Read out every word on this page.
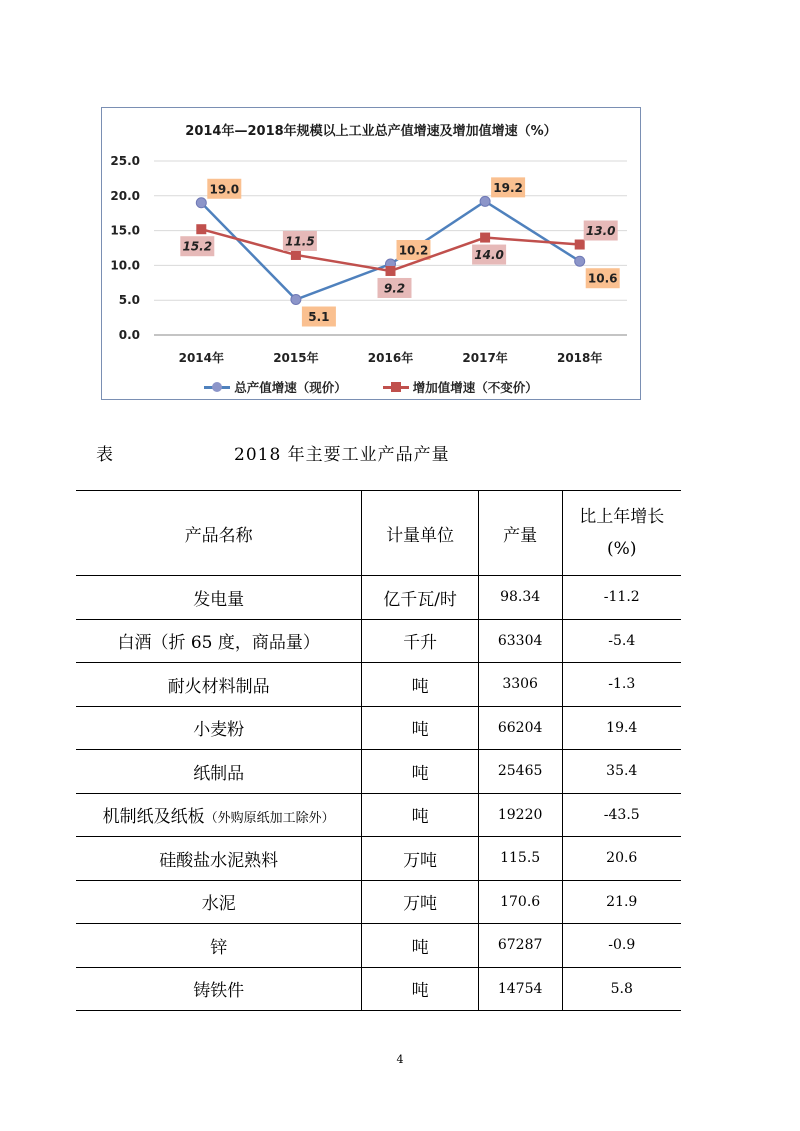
2014年—2018年规模以上工业总产值增速及增加值增速（%）
0.0
5.0
10.0
15.0
20.0
25.0
2014年	2015年	2016年	2017年	2018年
19.0
5.1
10.2
19.2
10.6
15.2	11.5
9.2
14.0
13.0
总产值增速（现价）	增加值增速（不变价）
表	2018 年主要工业产品产量
产品名称	计量单位	产量	比上年增长
(%)

发电量	亿千瓦/时	98.34	-11.2
白酒（折 65 度，商品量）	千升	63304	-5.4
耐火材料制品	吨	3306	-1.3
小麦粉	吨	66204	19.4
纸制品	吨	25465	35.4
机制纸及纸板（外购原纸加工除外）	吨	19220	-43.5
硅酸盐水泥熟料	万吨	115.5	20.6
水泥	万吨	170.6	21.9
锌	吨	67287	-0.9
铸铁件	吨	14754	5.8
4
